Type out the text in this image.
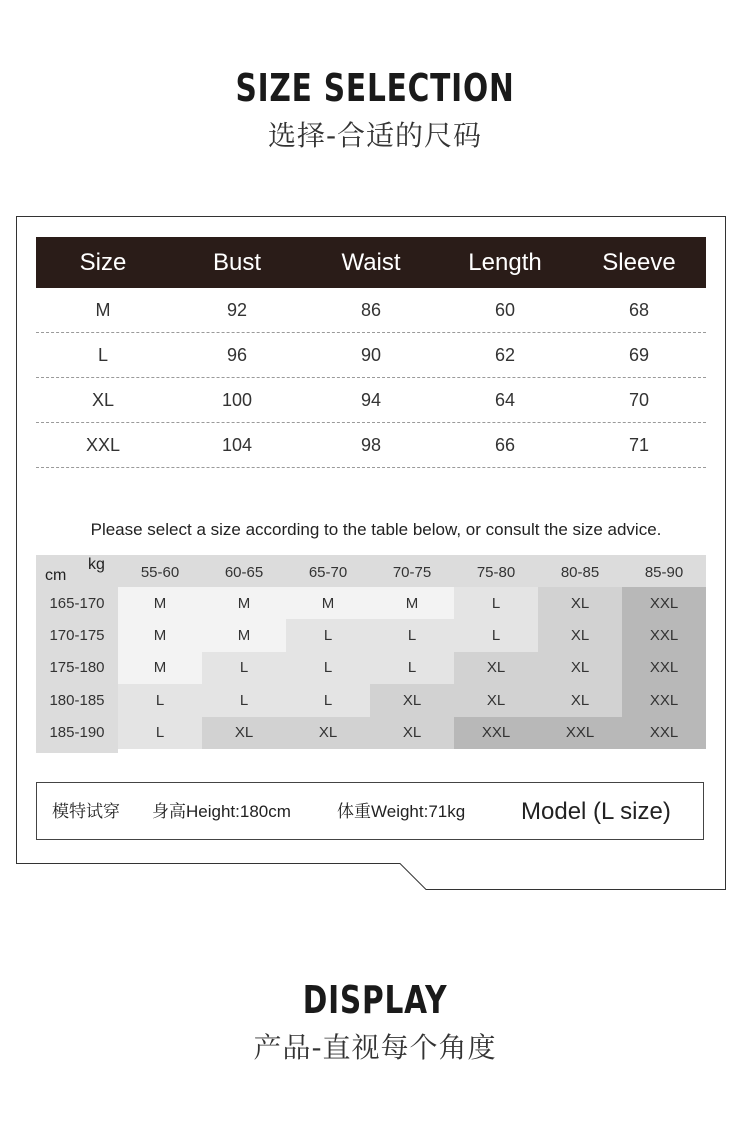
SIZE SELECTION
选择-合适的尺码
Size	Bust	Waist	Length	Sleeve
M	92	86	60	68
L	96	90	62	69
XL	100	94	64	70
XXL	104	98	66	71
Please select a size according to the table below, or consult the size advice.
kg
cm	55-60	60-65	65-70	70-75	75-80	80-85	85-90
165-170	M	M	M	M	L	XL	XXL
170-175	M	M	L	L	L	XL	XXL
175-180	M	L	L	L	XL	XL	XXL
180-185	L	L	L	XL	XL	XL	XXL
185-190	L	XL	XL	XL	XXL	XXL	XXL
模特试穿 身高Height:180cm	体重Weight:71kg Model (L size)
DISPLAY
产品-直视每个角度
